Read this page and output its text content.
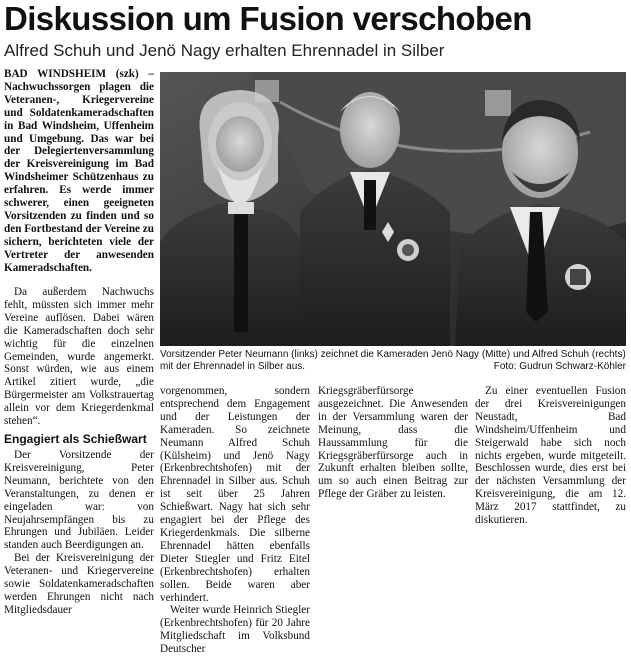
Diskussion um Fusion verschoben
Alfred Schuh und Jenö Nagy erhalten Ehrennadel in Silber

BAD WINDSHEIM (szk) – Nachwuchssorgen plagen die Veteranen-, Kriegervereine und Soldatenkameradschaften in Bad Windsheim, Uffenheim und Umgebung. Das war bei der Delegiertenversammlung der Kreisvereinigung im Bad Windsheimer Schützenhaus zu erfahren. Es werde immer schwerer, einen geeigneten Vorsitzenden zu finden und so den Fortbestand der Vereine zu sichern, berichteten viele der Vertreter der anwesenden Kameradschaften.

Da außerdem Nachwuchs fehlt, müssten sich immer mehr Vereine auflösen. Dabei wären die Kameradschaften doch sehr wichtig für die einzelnen Gemeinden, wurde angemerkt. Sonst würden, wie aus einem Artikel zitiert wurde, „die Bürgermeister am Volkstrauertag allein vor dem Kriegerdenkmal stehen“.

Engagiert als Schießwart

Der Vorsitzende der Kreisvereinigung, Peter Neumann, berichtete von den Veranstaltungen, zu denen er eingeladen war: von Neujahrsempfängen bis zu Ehrungen und Jubiläen. Leider standen auch Beerdigungen an.

Bei der Kreisvereinigung der Veteranen- und Kriegervereine sowie Soldatenkameradschaften werden Ehrungen nicht nach Mitgliedsdauer

Vorsitzender Peter Neumann (links) zeichnet die Kameraden Jenö Nagy (Mitte) und Alfred Schuh (rechts) mit der Ehrennadel in Silber aus.	Foto: Gudrun Schwarz-Köhler

vorgenommen, sondern entsprechend dem Engagement und der Leistungen der Kameraden. So zeichnete Neumann Alfred Schuh (Külsheim) und Jenö Nagy (Erkenbrechtshofen) mit der Ehrennadel in Silber aus. Schuh ist seit über 25 Jahren Schießwart. Nagy hat sich sehr engagiert bei der Pflege des Kriegerdenkmals. Die silberne Ehrennadel hätten ebenfalls Dieter Stiegler und Fritz Eitel (Erkenbrechtshofen) erhalten sollen. Beide waren aber verhindert.

Weiter wurde Heinrich Stiegler (Erkenbrechtshofen) für 20 Jahre Mitgliedschaft im Volksbund Deutscher

Kriegsgräberfürsorge ausgezeichnet. Die Anwesenden in der Versammlung waren der Meinung, dass die Haussammlung für die Kriegsgräberfürsorge auch in Zukunft erhalten bleiben sollte, um so auch einen Beitrag zur Pflege der Gräber zu leisten.

Zu einer eventuellen Fusion der drei Kreisvereinigungen Neustadt, Bad Windsheim/Uffenheim und Steigerwald habe sich noch nichts ergeben, wurde mitgeteilt. Beschlossen wurde, dies erst bei der nächsten Versammlung der Kreisvereinigung, die am 12. März 2017 stattfindet, zu diskutieren.
